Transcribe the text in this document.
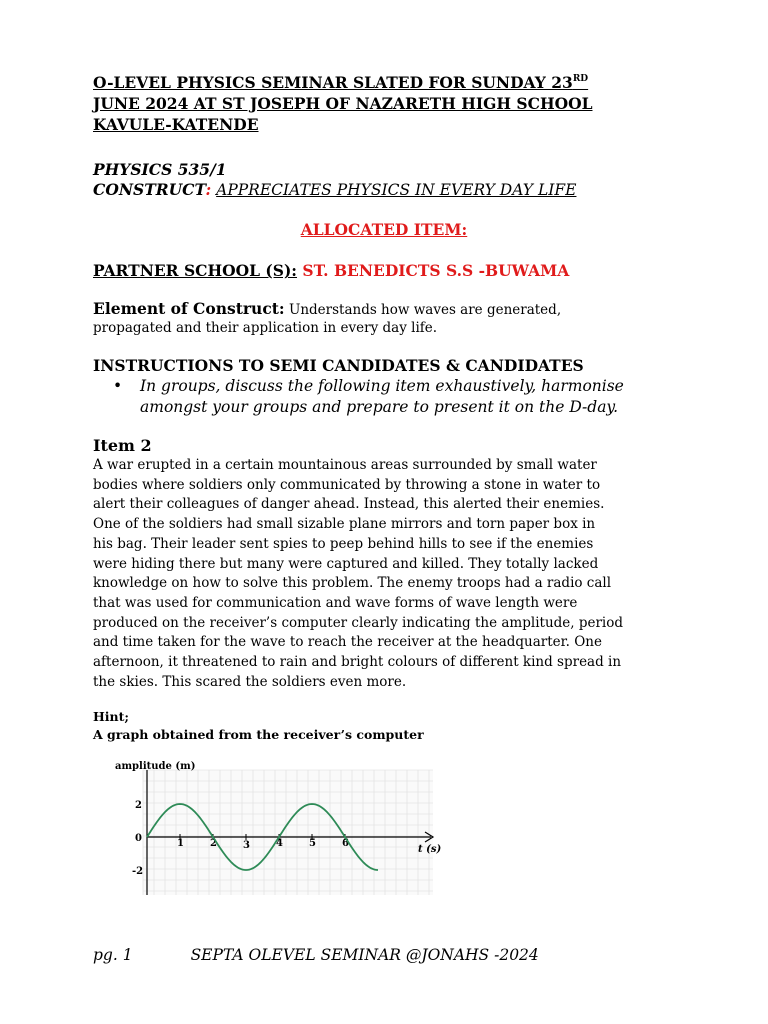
O-LEVEL PHYSICS SEMINAR SLATED FOR SUNDAY 23RD
JUNE 2024 AT ST JOSEPH OF NAZARETH HIGH SCHOOL
KAVULE-KATENDE
PHYSICS 535/1
CONSTRUCT: APPRECIATES PHYSICS IN EVERY DAY LIFE
ALLOCATED ITEM:
PARTNER SCHOOL (S): ST. BENEDICTS S.S -BUWAMA
Element of Construct: Understands how waves are generated,
propagated and their application in every day life.
INSTRUCTIONS TO SEMI CANDIDATES & CANDIDATES
• In groups, discuss the following item exhaustively, harmonise
amongst your groups and prepare to present it on the D-day.
Item 2
A war erupted in a certain mountainous areas surrounded by small water
bodies where soldiers only communicated by throwing a stone in water to
alert their colleagues of danger ahead. Instead, this alerted their enemies.
One of the soldiers had small sizable plane mirrors and torn paper box in
his bag. Their leader sent spies to peep behind hills to see if the enemies
were hiding there but many were captured and killed. They totally lacked
knowledge on how to solve this problem. The enemy troops had a radio call
that was used for communication and wave forms of wave length were
produced on the receiver’s computer clearly indicating the amplitude, period
and time taken for the wave to reach the receiver at the headquarter. One
afternoon, it threatened to rain and bright colours of different kind spread in
the skies. This scared the soldiers even more.
Hint;
A graph obtained from the receiver’s computer
1	2	3	4	5	6
2
0
-2
amplitude (m)
t (s)
pg. 1	SEPTA OLEVEL SEMINAR @JONAHS -2024
